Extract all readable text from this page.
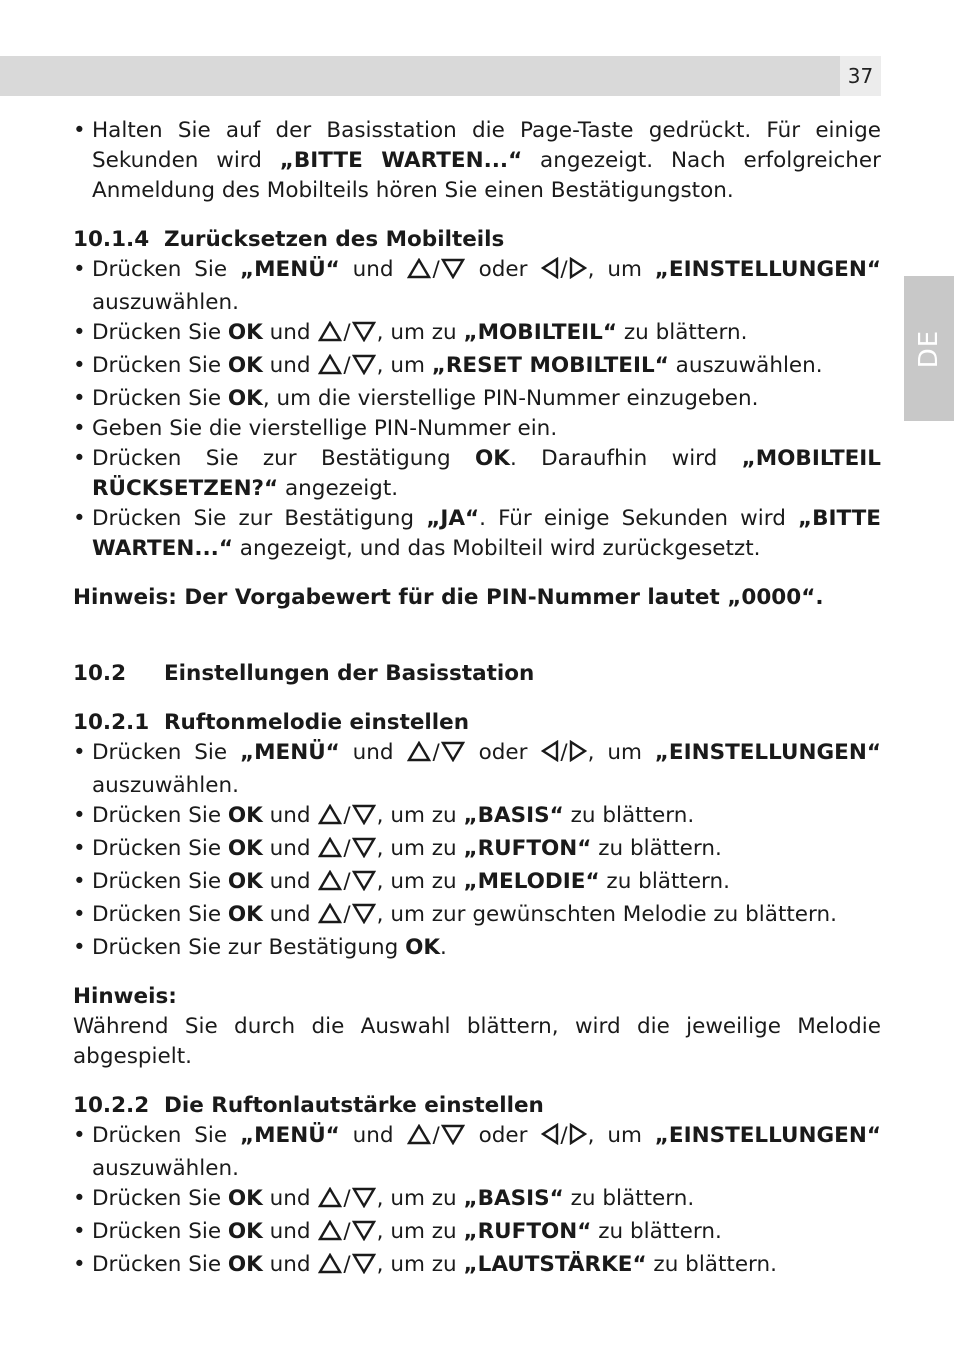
37
DE
• Halten Sie auf der Basisstation die Page-Taste gedrückt. Für einige Sekunden wird „BITTE WARTEN...“ angezeigt. Nach erfolgreicher Anmeldung des Mobilteils hören Sie einen Bestätigungston.
10.1.4 Zurücksetzen des Mobilteils
• Drücken Sie „MENÜ“ und / oder / , um „EINSTELLUNGEN“ auszuwählen.
• Drücken Sie OK und / , um zu „MOBILTEIL“ zu blättern.
• Drücken Sie OK und / , um „RESET MOBILTEIL“ auszuwählen.
• Drücken Sie OK, um die vierstellige PIN-Nummer einzugeben.
• Geben Sie die vierstellige PIN-Nummer ein.
• Drücken Sie zur Bestätigung OK. Daraufhin wird „MOBILTEIL RÜCKSETZEN?“ angezeigt.
• Drücken Sie zur Bestätigung „JA“. Für einige Sekunden wird „BITTE WARTEN...“ angezeigt, und das Mobilteil wird zurückgesetzt.
Hinweis: Der Vorgabewert für die PIN-Nummer lautet „0000“.
10.2 Einstellungen der Basisstation
10.2.1 Ruftonmelodie einstellen
• Drücken Sie „MENÜ“ und / oder / , um „EINSTELLUNGEN“ auszuwählen.
• Drücken Sie OK und / , um zu „BASIS“ zu blättern.
• Drücken Sie OK und / , um zu „RUFTON“ zu blättern.
• Drücken Sie OK und / , um zu „MELODIE“ zu blättern.
• Drücken Sie OK und / , um zur gewünschten Melodie zu blättern.
• Drücken Sie zur Bestätigung OK.
Hinweis:
Während Sie durch die Auswahl blättern, wird die jeweilige Melodie abgespielt.
10.2.2 Die Ruftonlautstärke einstellen
• Drücken Sie „MENÜ“ und / oder / , um „EINSTELLUNGEN“ auszuwählen.
• Drücken Sie OK und / , um zu „BASIS“ zu blättern.
• Drücken Sie OK und / , um zu „RUFTON“ zu blättern.
• Drücken Sie OK und / , um zu „LAUTSTÄRKE“ zu blättern.
